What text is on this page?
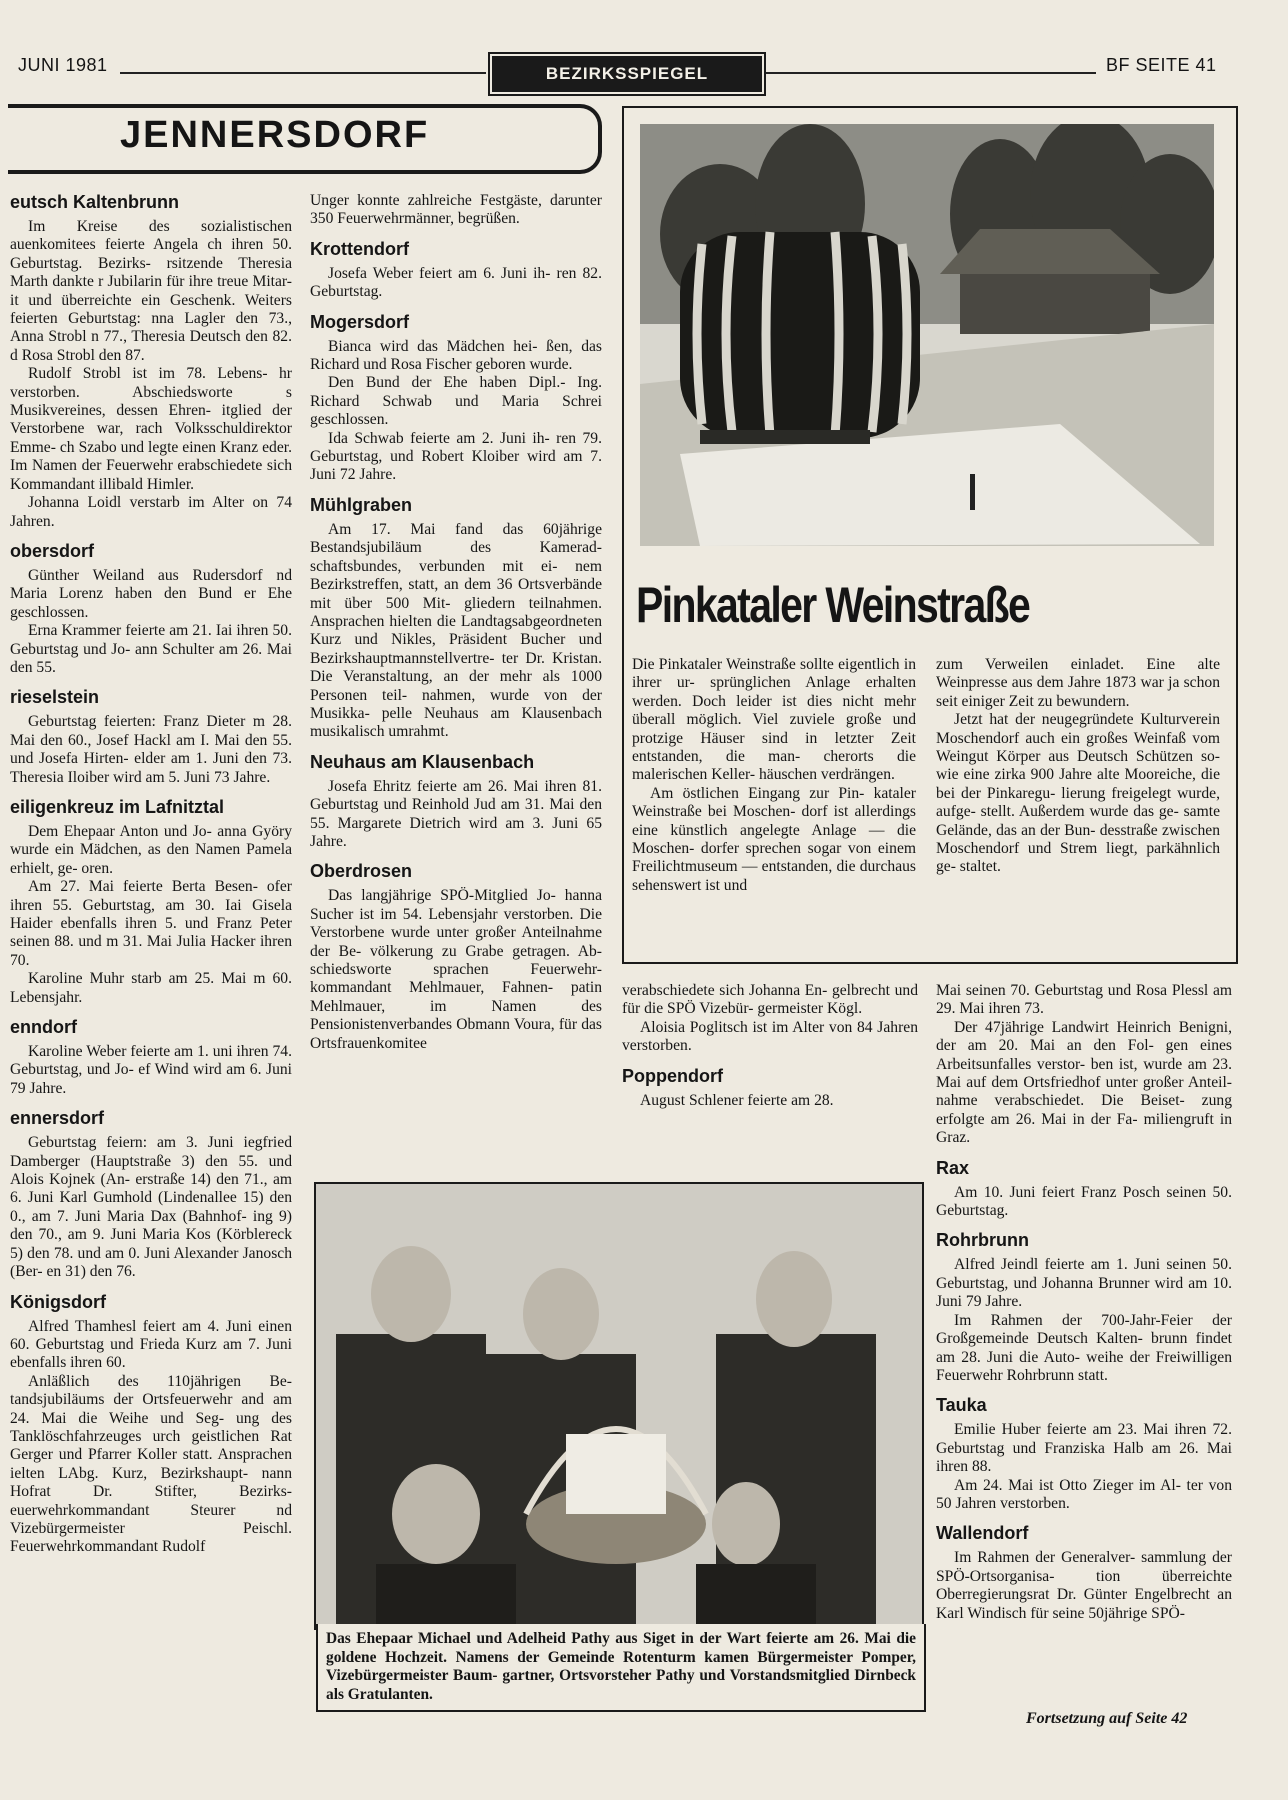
JUNI 1981	BEZIRKSSPIEGEL	BF SEITE 41
JENNERSDORF
eutsch Kaltenbrunn

Im Kreise des sozialistischen auenkomitees feierte Angela ch ihren 50. Geburtstag. Bezirks- rsitzende Theresia Marth dankte r Jubilarin für ihre treue Mitar- it und überreichte ein Geschenk. Weiters feierten Geburtstag: nna Lagler den 73., Anna Strobl n 77., Theresia Deutsch den 82. d Rosa Strobl den 87.

Rudolf Strobl ist im 78. Lebens- hr verstorben. Abschiedsworte s Musikvereines, dessen Ehren- itglied der Verstorbene war, rach Volksschuldirektor Emme- ch Szabo und legte einen Kranz eder. Im Namen der Feuerwehr erabschiedete sich Kommandant illibald Himler.

Johanna Loidl verstarb im Alter on 74 Jahren.

obersdorf

Günther Weiland aus Rudersdorf nd Maria Lorenz haben den Bund er Ehe geschlossen.

Erna Krammer feierte am 21. Iai ihren 50. Geburtstag und Jo- ann Schulter am 26. Mai den 55.

rieselstein

Geburtstag feierten: Franz Dieter m 28. Mai den 60., Josef Hackl am I. Mai den 55. und Josefa Hirten- elder am 1. Juni den 73. Theresia Iloiber wird am 5. Juni 73 Jahre.

eiligenkreuz im Lafnitztal

Dem Ehepaar Anton und Jo- anna Györy wurde ein Mädchen, as den Namen Pamela erhielt, ge- oren.

Am 27. Mai feierte Berta Besen- ofer ihren 55. Geburtstag, am 30. Iai Gisela Haider ebenfalls ihren 5. und Franz Peter seinen 88. und m 31. Mai Julia Hacker ihren 70.

Karoline Muhr starb am 25. Mai m 60. Lebensjahr.

enndorf

Karoline Weber feierte am 1. uni ihren 74. Geburtstag, und Jo- ef Wind wird am 6. Juni 79 Jahre.

ennersdorf

Geburtstag feiern: am 3. Juni iegfried Damberger (Hauptstraße 3) den 55. und Alois Kojnek (An- erstraße 14) den 71., am 6. Juni Karl Gumhold (Lindenallee 15) den 0., am 7. Juni Maria Dax (Bahnhof- ing 9) den 70., am 9. Juni Maria Kos (Körblereck 5) den 78. und am 0. Juni Alexander Janosch (Ber- en 31) den 76.

Königsdorf

Alfred Thamhesl feiert am 4. Juni einen 60. Geburtstag und Frieda Kurz am 7. Juni ebenfalls ihren 60.

Anläßlich des 110jährigen Be- tandsjubiläums der Ortsfeuerwehr and am 24. Mai die Weihe und Seg- ung des Tanklöschfahrzeuges urch geistlichen Rat Gerger und Pfarrer Koller statt. Ansprachen ielten LAbg. Kurz, Bezirkshaupt- nann Hofrat Dr. Stifter, Bezirks- euerwehrkommandant Steurer nd Vizebürgermeister Peischl. Feuerwehrkommandant Rudolf

Unger konnte zahlreiche Festgäste, darunter 350 Feuerwehrmänner, begrüßen.

Krottendorf

Josefa Weber feiert am 6. Juni ih- ren 82. Geburtstag.

Mogersdorf

Bianca wird das Mädchen hei- ßen, das Richard und Rosa Fischer geboren wurde.

Den Bund der Ehe haben Dipl.- Ing. Richard Schwab und Maria Schrei geschlossen.

Ida Schwab feierte am 2. Juni ih- ren 79. Geburtstag, und Robert Kloiber wird am 7. Juni 72 Jahre.

Mühlgraben

Am 17. Mai fand das 60jährige Bestandsjubiläum des Kamerad- schaftsbundes, verbunden mit ei- nem Bezirkstreffen, statt, an dem 36 Ortsverbände mit über 500 Mit- gliedern teilnahmen. Ansprachen hielten die Landtagsabgeordneten Kurz und Nikles, Präsident Bucher und Bezirkshauptmannstellvertre- ter Dr. Kristan. Die Veranstaltung, an der mehr als 1000 Personen teil- nahmen, wurde von der Musikka- pelle Neuhaus am Klausenbach musikalisch umrahmt.

Neuhaus am Klausenbach

Josefa Ehritz feierte am 26. Mai ihren 81. Geburtstag und Reinhold Jud am 31. Mai den 55. Margarete Dietrich wird am 3. Juni 65 Jahre.

Oberdrosen

Das langjährige SPÖ-Mitglied Jo- hanna Sucher ist im 54. Lebensjahr verstorben. Die Verstorbene wurde unter großer Anteilnahme der Be- völkerung zu Grabe getragen. Ab- schiedsworte sprachen Feuerwehr- kommandant Mehlmauer, Fahnen- patin Mehlmauer, im Namen des Pensionistenverbandes Obmann Voura, für das Ortsfrauenkomitee

Pinkataler Weinstraße

Die Pinkataler Weinstraße sollte eigentlich in ihrer ur- sprünglichen Anlage erhalten werden. Doch leider ist dies nicht mehr überall möglich. Viel zuviele große und protzige Häuser sind in letzter Zeit entstanden, die man- cherorts die malerischen Keller- häuschen verdrängen.

Am östlichen Eingang zur Pin- kataler Weinstraße bei Moschen- dorf ist allerdings eine künstlich angelegte Anlage — die Moschen- dorfer sprechen sogar von einem Freilichtmuseum — entstanden, die durchaus sehenswert ist und

zum Verweilen einladet. Eine alte Weinpresse aus dem Jahre 1873 war ja schon seit einiger Zeit zu bewundern.

Jetzt hat der neugegründete Kulturverein Moschendorf auch ein großes Weinfaß vom Weingut Körper aus Deutsch Schützen so- wie eine zirka 900 Jahre alte Mooreiche, die bei der Pinkaregu- lierung freigelegt wurde, aufge- stellt. Außerdem wurde das ge- samte Gelände, das an der Bun- desstraße zwischen Moschendorf und Strem liegt, parkähnlich ge- staltet.

verabschiedete sich Johanna En- gelbrecht und für die SPÖ Vizebür- germeister Kögl.

Aloisia Poglitsch ist im Alter von 84 Jahren verstorben.

Poppendorf

August Schlener feierte am 28.

Mai seinen 70. Geburtstag und Rosa Plessl am 29. Mai ihren 73.

Der 47jährige Landwirt Heinrich Benigni, der am 20. Mai an den Fol- gen eines Arbeitsunfalles verstor- ben ist, wurde am 23. Mai auf dem Ortsfriedhof unter großer Anteil- nahme verabschiedet. Die Beiset- zung erfolgte am 26. Mai in der Fa- miliengruft in Graz.

Rax

Am 10. Juni feiert Franz Posch seinen 50. Geburtstag.

Rohrbrunn

Alfred Jeindl feierte am 1. Juni seinen 50. Geburtstag, und Johanna Brunner wird am 10. Juni 79 Jahre.

Im Rahmen der 700-Jahr-Feier der Großgemeinde Deutsch Kalten- brunn findet am 28. Juni die Auto- weihe der Freiwilligen Feuerwehr Rohrbrunn statt.

Tauka

Emilie Huber feierte am 23. Mai ihren 72. Geburtstag und Franziska Halb am 26. Mai ihren 88.

Am 24. Mai ist Otto Zieger im Al- ter von 50 Jahren verstorben.

Wallendorf

Im Rahmen der Generalver- sammlung der SPÖ-Ortsorganisa- tion überreichte Oberregierungsrat Dr. Günter Engelbrecht an Karl Windisch für seine 50jährige SPÖ-

Das Ehepaar Michael und Adelheid Pathy aus Siget in der Wart feierte am 26. Mai die goldene Hochzeit. Namens der Gemeinde Rotenturm kamen Bürgermeister Pomper, Vizebürgermeister Baum- gartner, Ortsvorsteher Pathy und Vorstandsmitglied Dirnbeck als Gratulanten.
Fortsetzung auf Seite 42
